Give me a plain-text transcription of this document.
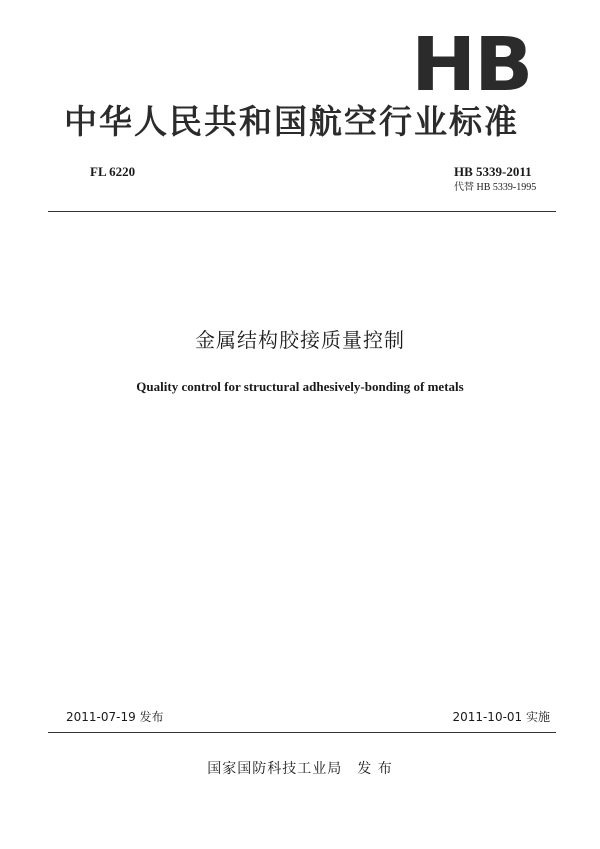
HB
中华人民共和国航空行业标准
FL 6220	HB 5339-2011
代替 HB 5339-1995
金属结构胶接质量控制
Quality control for structural adhesively-bonding of metals
2011-07-19 发布	2011-10-01 实施
国家国防科技工业局　发 布
